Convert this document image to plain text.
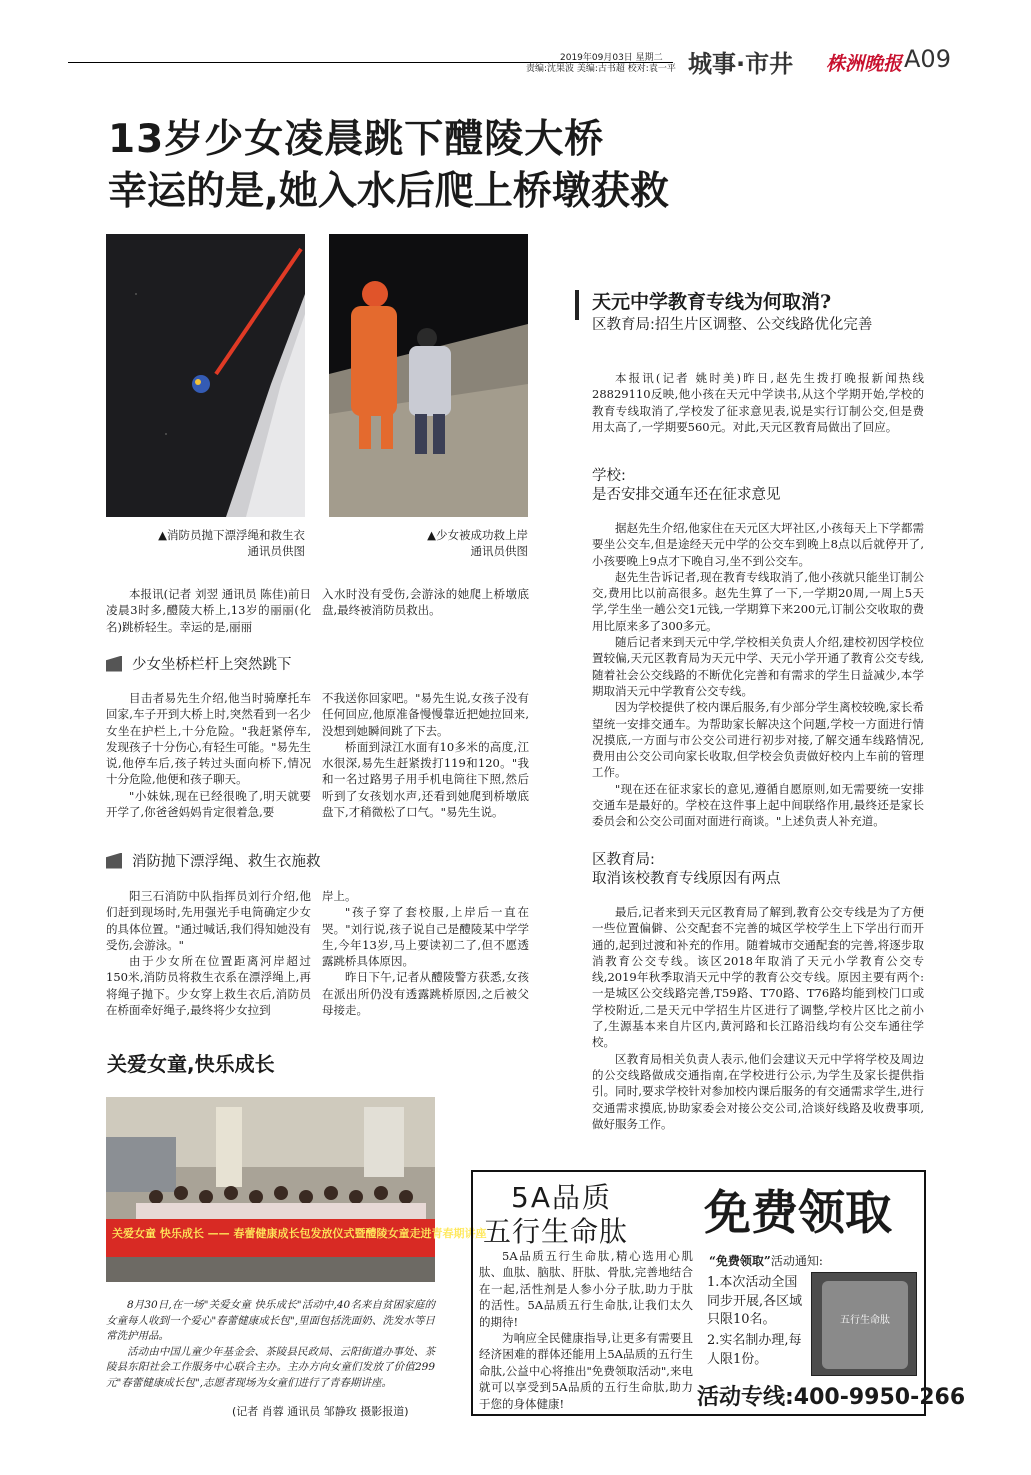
2019年09月03日 星期二
责编:沈果波 美编:古书超 校对:袁一平 城事·市井 株洲晚报 A09
13岁少女凌晨跳下醴陵大桥
幸运的是,她入水后爬上桥墩获救
▲消防员抛下漂浮绳和救生衣
通讯员供图
▲少女被成功救上岸
通讯员供图

本报讯(记者 刘翌 通讯员 陈佳)前日凌晨3时多,醴陵大桥上,13岁的丽丽(化名)跳桥轻生。幸运的是,丽丽

入水时没有受伤,会游泳的她爬上桥墩底盘,最终被消防员救出。

少女坐桥栏杆上突然跳下

目击者易先生介绍,他当时骑摩托车回家,车子开到大桥上时,突然看到一名少女坐在护栏上,十分危险。"我赶紧停车,发现孩子十分伤心,有轻生可能。"易先生说,他停车后,孩子转过头面向桥下,情况十分危险,他便和孩子聊天。

"小妹妹,现在已经很晚了,明天就要开学了,你爸爸妈妈肯定很着急,要

不我送你回家吧。"易先生说,女孩子没有任何回应,他原准备慢慢靠近把她拉回来,没想到她瞬间跳了下去。

桥面到渌江水面有10多米的高度,江水很深,易先生赶紧拨打119和120。"我和一名过路男子用手机电筒往下照,然后听到了女孩划水声,还看到她爬到桥墩底盘下,才稍微松了口气。"易先生说。

消防抛下漂浮绳、救生衣施救

阳三石消防中队指挥员刘行介绍,他们赶到现场时,先用强光手电筒确定少女的具体位置。"通过喊话,我们得知她没有受伤,会游泳。"

由于少女所在位置距离河岸超过150米,消防员将救生衣系在漂浮绳上,再将绳子抛下。少女穿上救生衣后,消防员在桥面牵好绳子,最终将少女拉到

岸上。

"孩子穿了套校服,上岸后一直在哭。"刘行说,孩子说自己是醴陵某中学学生,今年13岁,马上要读初二了,但不愿透露跳桥具体原因。

昨日下午,记者从醴陵警方获悉,女孩在派出所仍没有透露跳桥原因,之后被父母接走。

关爱女童,快乐成长
关爱女童 快乐成长 —— 春蕾健康成长包发放仪式暨醴陵女童走进青春期讲座

8月30日,在一场"关爱女童 快乐成长"活动中,40名来自贫困家庭的女童每人收到一个爱心"春蕾健康成长包",里面包括洗面奶、洗发水等日常洗护用品。

活动由中国儿童少年基金会、茶陵县民政局、云阳街道办事处、茶陵县东阳社会工作服务中心联合主办。主办方向女童们发放了价值299元"春蕾健康成长包",志愿者现场为女童们进行了青春期讲座。

(记者 肖蓉 通讯员 邹静玫 摄影报道)
天元中学教育专线为何取消?
区教育局:招生片区调整、公交线路优化完善

本报讯(记者 姚时美)昨日,赵先生拨打晚报新闻热线28829110反映,他小孩在天元中学读书,从这个学期开始,学校的教育专线取消了,学校发了征求意见表,说是实行订制公交,但是费用太高了,一学期要560元。对此,天元区教育局做出了回应。

学校:
是否安排交通车还在征求意见

据赵先生介绍,他家住在天元区大坪社区,小孩每天上下学都需要坐公交车,但是途经天元中学的公交车到晚上8点以后就停开了,小孩要晚上9点才下晚自习,坐不到公交车。

赵先生告诉记者,现在教育专线取消了,他小孩就只能坐订制公交,费用比以前高很多。赵先生算了一下,一学期20周,一周上5天学,学生坐一趟公交1元钱,一学期算下来200元,订制公交收取的费用比原来多了300多元。

随后记者来到天元中学,学校相关负责人介绍,建校初因学校位置较偏,天元区教育局为天元中学、天元小学开通了教育公交专线,随着社会公交线路的不断优化完善和有需求的学生日益减少,本学期取消天元中学教育公交专线。

因为学校提供了校内课后服务,有少部分学生离校较晚,家长希望统一安排交通车。为帮助家长解决这个问题,学校一方面进行情况摸底,一方面与市公交公司进行初步对接,了解交通车线路情况,费用由公交公司向家长收取,但学校会负责做好校内上车前的管理工作。

"现在还在征求家长的意见,遵循自愿原则,如无需要统一安排交通车是最好的。学校在这件事上起中间联络作用,最终还是家长委员会和公交公司面对面进行商谈。"上述负责人补充道。

区教育局:
取消该校教育专线原因有两点

最后,记者来到天元区教育局了解到,教育公交专线是为了方便一些位置偏僻、公交配套不完善的城区学校学生上下学出行而开通的,起到过渡和补充的作用。随着城市交通配套的完善,将逐步取消教育公交专线。该区2018年取消了天元小学教育公交专线,2019年秋季取消天元中学的教育公交专线。原因主要有两个:一是城区公交线路完善,T59路、T70路、T76路均能到校门口或学校附近,二是天元中学招生片区进行了调整,学校片区比之前小了,生源基本来自片区内,黄河路和长江路沿线均有公交车通往学校。

区教育局相关负责人表示,他们会建议天元中学将学校及周边的公交线路做成交通指南,在学校进行公示,为学生及家长提供指引。同时,要求学校针对参加校内课后服务的有交通需求学生,进行交通需求摸底,协助家委会对接公交公司,洽谈好线路及收费事项,做好服务工作。

5A品质
五行生命肽 免费领取

5A品质五行生命肽,精心选用心肌肽、血肽、脑肽、肝肽、骨肽,完善地结合在一起,活性剂是人参小分子肽,助力于肽的活性。5A品质五行生命肽,让我们太久的期待!

为响应全民健康指导,让更多有需要且经济困难的群体还能用上5A品质的五行生命肽,公益中心将推出"免费领取活动",来电就可以享受到5A品质的五行生命肽,助力于您的身体健康!

“免费领取”活动通知:
1.本次活动全国同步开展,各区域只限10名。
2.实名制办理,每人限1份。
五行生命肽
活动专线:400-9950-266
